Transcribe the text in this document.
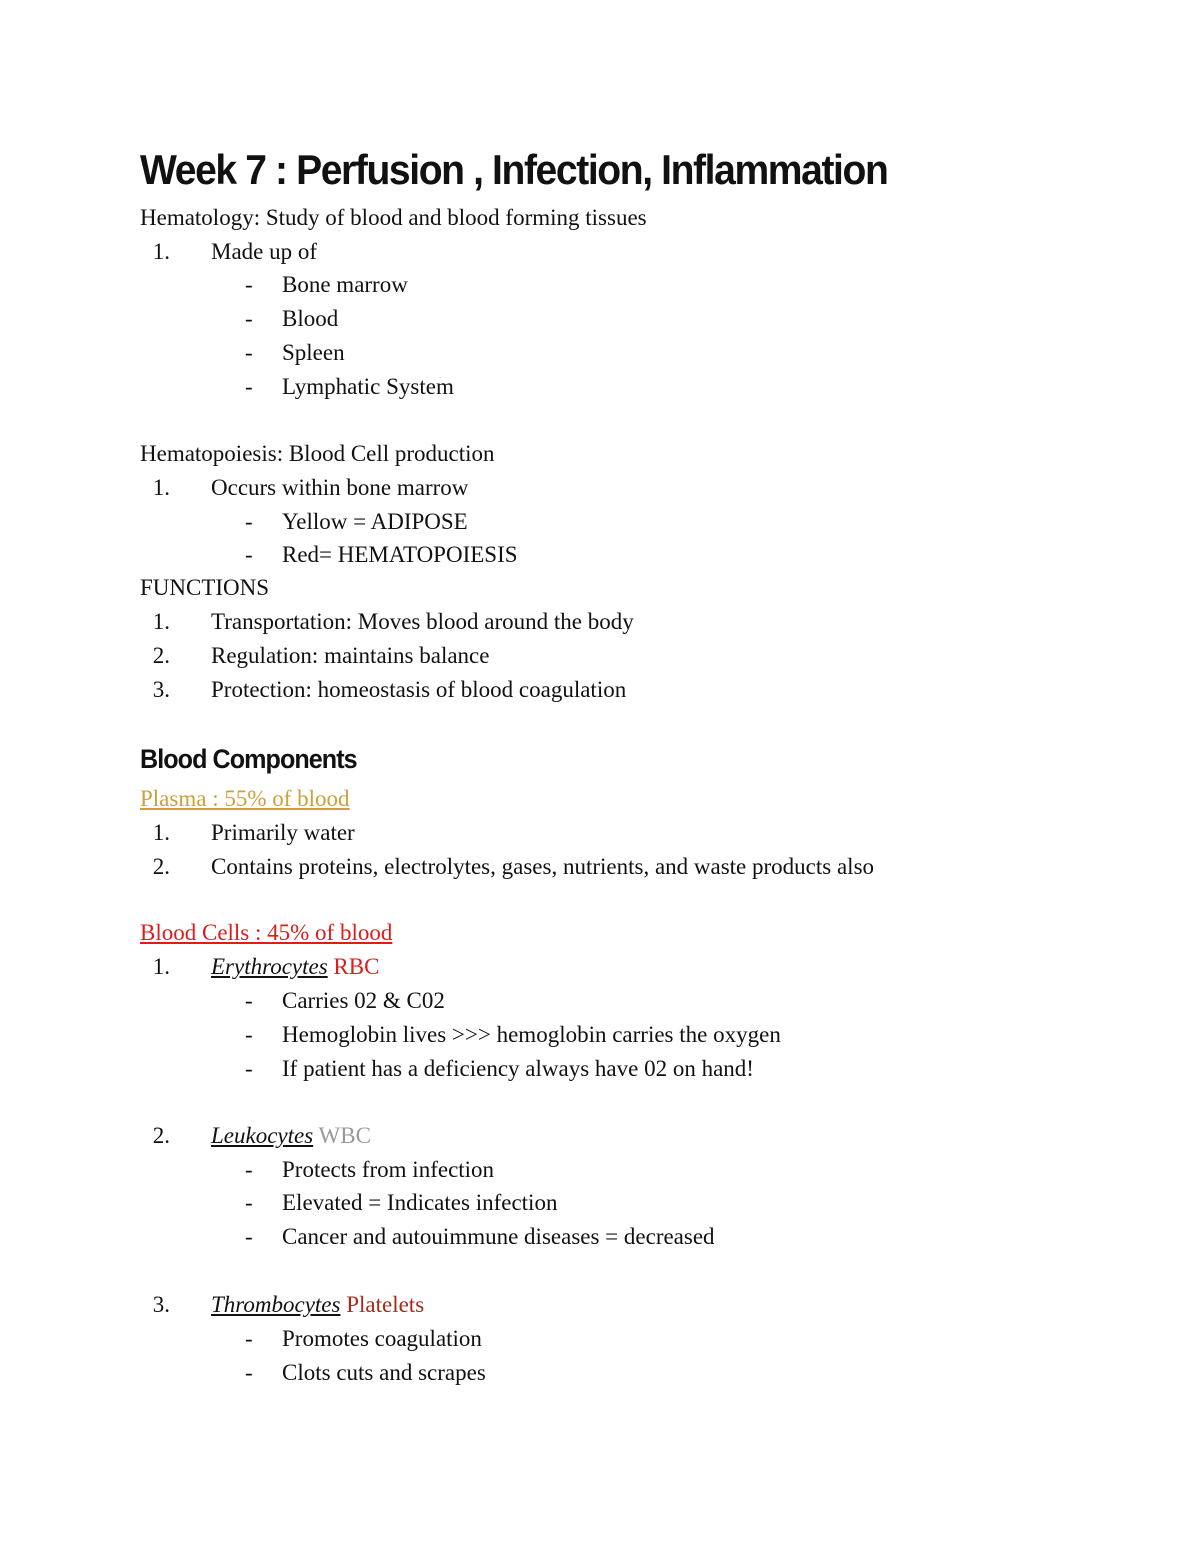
Week 7 : Perfusion , Infection, Inflammation
Hematology: Study of blood and blood forming tissues
1. Made up of
- Bone marrow
- Blood
- Spleen
- Lymphatic System
Hematopoiesis: Blood Cell production
1. Occurs within bone marrow
- Yellow = ADIPOSE
- Red= HEMATOPOIESIS
FUNCTIONS
1. Transportation: Moves blood around the body
2. Regulation: maintains balance
3. Protection: homeostasis of blood coagulation
Blood Components
Plasma : 55% of blood
1. Primarily water
2. Contains proteins, electrolytes, gases, nutrients, and waste products also
Blood Cells : 45% of blood
1. Erythrocytes RBC
- Carries 02 & C02
- Hemoglobin lives >>> hemoglobin carries the oxygen
- If patient has a deficiency always have 02 on hand!
2. Leukocytes WBC
- Protects from infection
- Elevated = Indicates infection
- Cancer and autouimmune diseases = decreased
3. Thrombocytes Platelets
- Promotes coagulation
- Clots cuts and scrapes
